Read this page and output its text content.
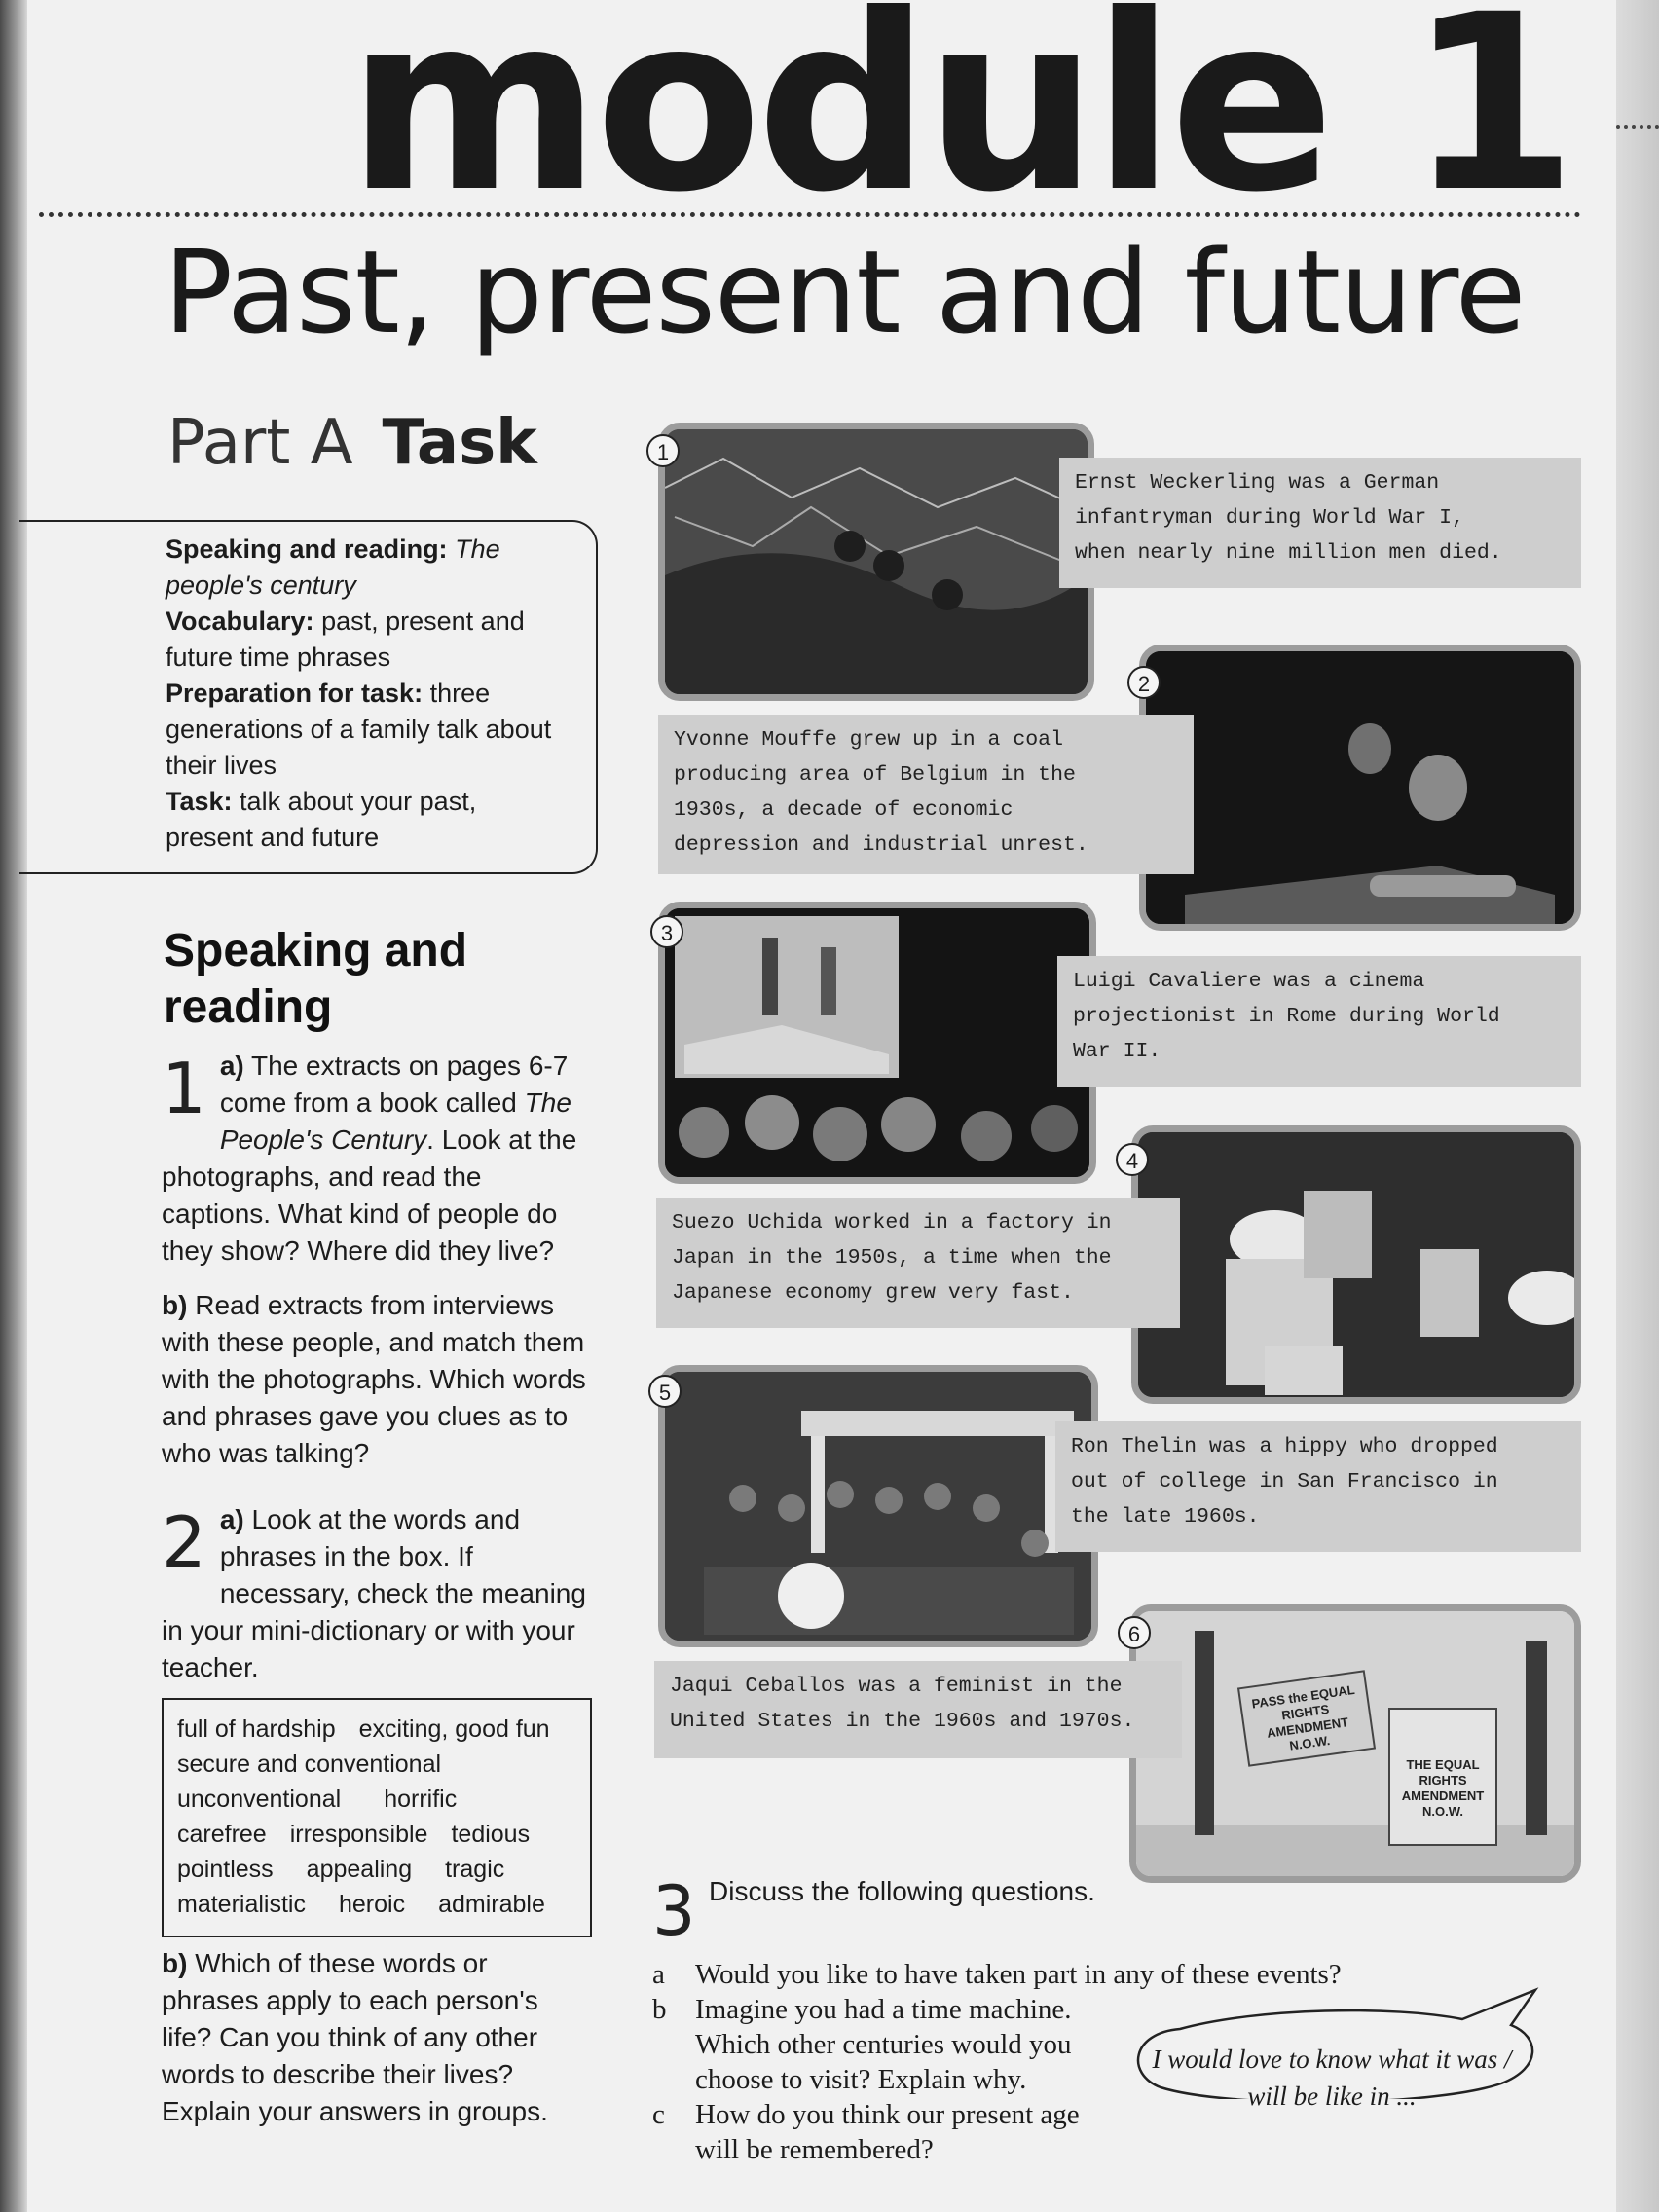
module 1
Past, present and future
Part A Task

Speaking and reading: The people's century

Vocabulary: past, present and future time phrases

Preparation for task: three generations of a family talk about their lives

Task: talk about your past, present and future

Speaking and reading
1 a) The extracts on pages 6-7 come from a book called The People's Century. Look at the photographs, and read the captions. What kind of people do they show? Where did they live?
b) Read extracts from interviews with these people, and match them with the photographs. Which words and phrases gave you clues as to who was talking?
2 a) Look at the words and phrases in the box. If necessary, check the meaning in your mini-dictionary or with your teacher.
full of hardship exciting, good fun
secure and conventional
unconventional horrific
carefree irresponsible tedious
pointless appealing tragic
materialistic heroic admirable
b) Which of these words or phrases apply to each person's life? Can you think of any other words to describe their lives? Explain your answers in groups.
1
Ernst Weckerling was a German
infantryman during World War I,
when nearly nine million men died.
2
Yvonne Mouffe grew up in a coal
producing area of Belgium in the
1930s, a decade of economic
depression and industrial unrest.
3
Luigi Cavaliere was a cinema
projectionist in Rome during World
War II.
4
Suezo Uchida worked in a factory in
Japan in the 1950s, a time when the
Japanese economy grew very fast.
5
Ron Thelin was a hippy who dropped
out of college in San Francisco in
the late 1960s.
PASS the EQUAL RIGHTS AMENDMENT N.O.W.
THE EQUAL RIGHTS AMENDMENT N.O.W.
6
Jaqui Ceballos was a feminist in the
United States in the 1960s and 1970s.
3 Discuss the following questions.
a	Would you like to have taken part in any of these events?
b	Imagine you had a time machine. Which other centuries would you choose to visit? Explain why.
c	How do you think our present age will be remembered?
I would love to know what it was / will be like in ...
